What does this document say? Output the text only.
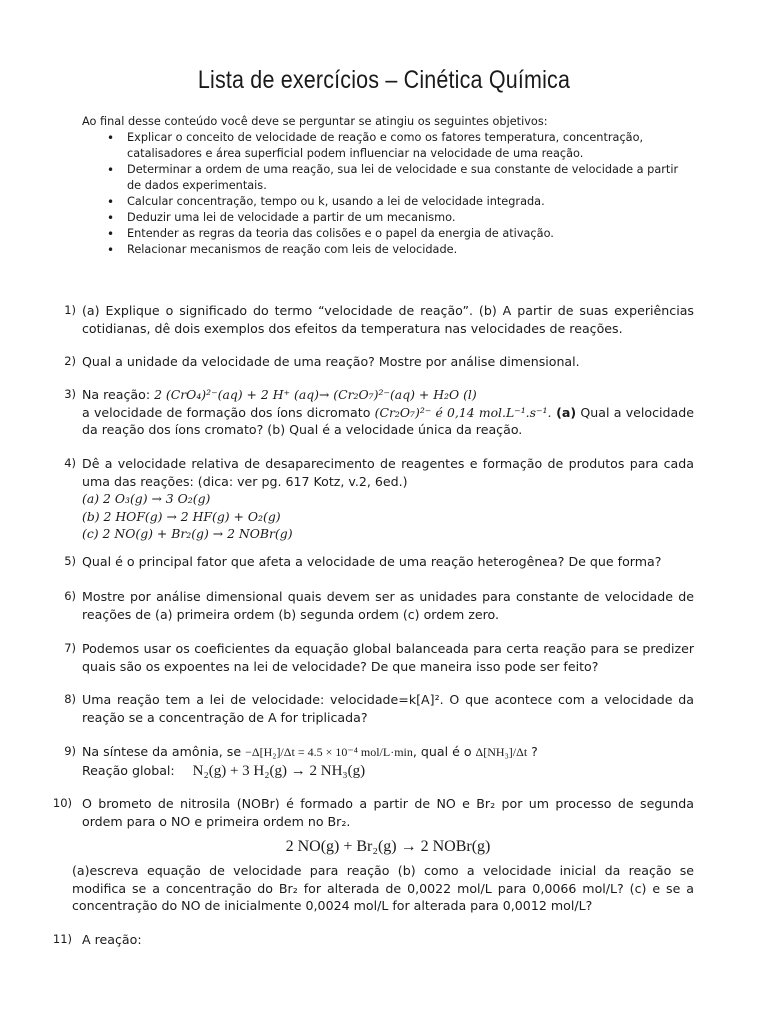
Lista de exercícios – Cinética Química
Ao final desse conteúdo você deve se perguntar se atingiu os seguintes objetivos:
• Explicar o conceito de velocidade de reação e como os fatores temperatura, concentração, catalisadores e área superficial podem influenciar na velocidade de uma reação.
• Determinar a ordem de uma reação, sua lei de velocidade e sua constante de velocidade a partir de dados experimentais.
• Calcular concentração, tempo ou k, usando a lei de velocidade integrada.
• Deduzir uma lei de velocidade a partir de um mecanismo.
• Entender as regras da teoria das colisões e o papel da energia de ativação.
• Relacionar mecanismos de reação com leis de velocidade.
1) (a) Explique o significado do termo “velocidade de reação”. (b) A partir de suas experiências cotidianas, dê dois exemplos dos efeitos da temperatura nas velocidades de reações.
2) Qual a unidade da velocidade de uma reação? Mostre por análise dimensional.
3) Na reação: 2 (CrO₄)²⁻(aq) + 2 H⁺ (aq)→ (Cr₂O₇)²⁻(aq) + H₂O (l)
a velocidade de formação dos íons dicromato (Cr₂O₇)²⁻ é 0,14 mol.L⁻¹.s⁻¹. (a) Qual a velocidade da reação dos íons cromato? (b) Qual é a velocidade única da reação.
4) Dê a velocidade relativa de desaparecimento de reagentes e formação de produtos para cada uma das reações: (dica: ver pg. 617 Kotz, v.2, 6ed.)
(a) 2 O₃(g) → 3 O₂(g)
(b) 2 HOF(g) → 2 HF(g) + O₂(g)
(c) 2 NO(g) + Br₂(g) → 2 NOBr(g)
5) Qual é o principal fator que afeta a velocidade de uma reação heterogênea? De que forma?
6) Mostre por análise dimensional quais devem ser as unidades para constante de velocidade de reações de (a) primeira ordem (b) segunda ordem (c) ordem zero.
7) Podemos usar os coeficientes da equação global balanceada para certa reação para se predizer quais são os expoentes na lei de velocidade? De que maneira isso pode ser feito?
8) Uma reação tem a lei de velocidade: velocidade=k[A]². O que acontece com a velocidade da reação se a concentração de A for triplicada?
9) Na síntese da amônia, se −Δ[H₂]/Δt = 4.5 × 10⁻⁴ mol/L·min, qual é o Δ[NH₃]/Δt ?
Reação global: N₂(g) + 3 H₂(g) → 2 NH₃(g)
10) O brometo de nitrosila (NOBr) é formado a partir de NO e Br₂ por um processo de segunda ordem para o NO e primeira ordem no Br₂.
2 NO(g) + Br₂(g) → 2 NOBr(g)
(a)escreva equação de velocidade para reação (b) como a velocidade inicial da reação se modifica se a concentração do Br₂ for alterada de 0,0022 mol/L para 0,0066 mol/L? (c) e se a concentração do NO de inicialmente 0,0024 mol/L for alterada para 0,0012 mol/L?
11) A reação:
